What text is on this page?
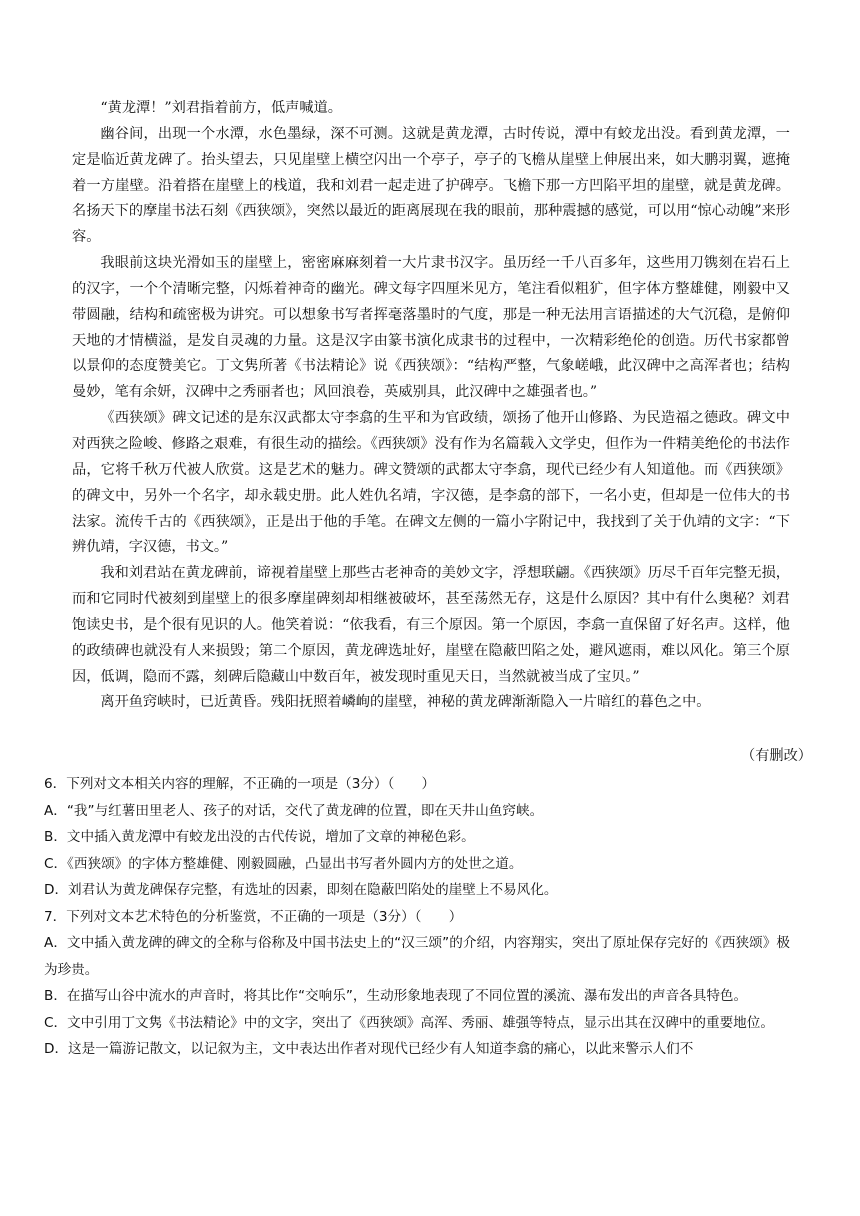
“黄龙潭！”刘君指着前方，低声喊道。

幽谷间，出现一个水潭，水色墨绿，深不可测。这就是黄龙潭，古时传说，潭中有蛟龙出没。看到黄龙潭，一定是临近黄龙碑了。抬头望去，只见崖壁上横空闪出一个亭子，亭子的飞檐从崖壁上伸展出来，如大鹏羽翼，遮掩着一方崖壁。沿着搭在崖壁上的栈道，我和刘君一起走进了护碑亭。飞檐下那一方凹陷平坦的崖壁，就是黄龙碑。名扬天下的摩崖书法石刻《西狭颂》，突然以最近的距离展现在我的眼前，那种震撼的感觉，可以用“惊心动魄”来形容。

我眼前这块光滑如玉的崖壁上，密密麻麻刻着一大片隶书汉字。虽历经一千八百多年，这些用刀镌刻在岩石上的汉字，一个个清晰完整，闪烁着神奇的幽光。碑文每字四厘米见方，笔注看似粗犷，但字体方整雄健，刚毅中又带圆融，结构和疏密极为讲究。可以想象书写者挥毫落墨时的气度，那是一种无法用言语描述的大气沉稳，是俯仰天地的才情横溢，是发自灵魂的力量。这是汉字由篆书演化成隶书的过程中，一次精彩绝伦的创造。历代书家都曾以景仰的态度赞美它。丁文隽所著《书法精论》说《西狭颂》：“结构严整，气象嵯峨，此汉碑中之高浑者也；结构曼妙，笔有余妍，汉碑中之秀丽者也；风回浪卷，英威别具，此汉碑中之雄强者也。”

《西狭颂》碑文记述的是东汉武都太守李翕的生平和为官政绩，颂扬了他开山修路、为民造福之德政。碑文中对西狭之险峻、修路之艰难，有很生动的描绘。《西狭颂》没有作为名篇载入文学史，但作为一件精美绝伦的书法作品，它将千秋万代被人欣赏。这是艺术的魅力。碑文赞颂的武都太守李翕，现代已经少有人知道他。而《西狭颂》的碑文中，另外一个名字，却永载史册。此人姓仇名靖，字汉德，是李翕的部下，一名小吏，但却是一位伟大的书法家。流传千古的《西狭颂》，正是出于他的手笔。在碑文左侧的一篇小字附记中，我找到了关于仇靖的文字：“下辨仇靖，字汉德，书文。”

我和刘君站在黄龙碑前，谛视着崖壁上那些古老神奇的美妙文字，浮想联翩。《西狭颂》历尽千百年完整无损，而和它同时代被刻到崖壁上的很多摩崖碑刻却相继被破坏，甚至荡然无存，这是什么原因？其中有什么奥秘？刘君饱读史书，是个很有见识的人。他笑着说：“依我看，有三个原因。第一个原因，李翕一直保留了好名声。这样，他的政绩碑也就没有人来损毁；第二个原因，黄龙碑选址好，崖壁在隐蔽凹陷之处，避风遮雨，难以风化。第三个原因，低调，隐而不露，刻碑后隐藏山中数百年，被发现时重见天日，当然就被当成了宝贝。”

离开鱼窍峡时，已近黄昏。残阳抚照着嶙峋的崖壁，神秘的黄龙碑渐渐隐入一片暗红的暮色之中。

（有删改）
6．下列对文本相关内容的理解，不正确的一项是（3分）（　　）
A．“我”与红薯田里老人、孩子的对话，交代了黄龙碑的位置，即在天井山鱼窍峡。
B．文中插入黄龙潭中有蛟龙出没的古代传说，增加了文章的神秘色彩。
C．《西狭颂》的字体方整雄健、刚毅圆融，凸显出书写者外圆内方的处世之道。
D．刘君认为黄龙碑保存完整，有选址的因素，即刻在隐蔽凹陷处的崖壁上不易风化。
7．下列对文本艺术特色的分析鉴赏，不正确的一项是（3分）（　　）
A．文中插入黄龙碑的碑文的全称与俗称及中国书法史上的“汉三颂”的介绍，内容翔实，突出了原址保存完好的《西狭颂》极为珍贵。
B．在描写山谷中流水的声音时，将其比作“交响乐”，生动形象地表现了不同位置的溪流、瀑布发出的声音各具特色。
C．文中引用丁文隽《书法精论》中的文字，突出了《西狭颂》高浑、秀丽、雄强等特点，显示出其在汉碑中的重要地位。
D．这是一篇游记散文，以记叙为主，文中表达出作者对现代已经少有人知道李翕的痛心，以此来警示人们不
